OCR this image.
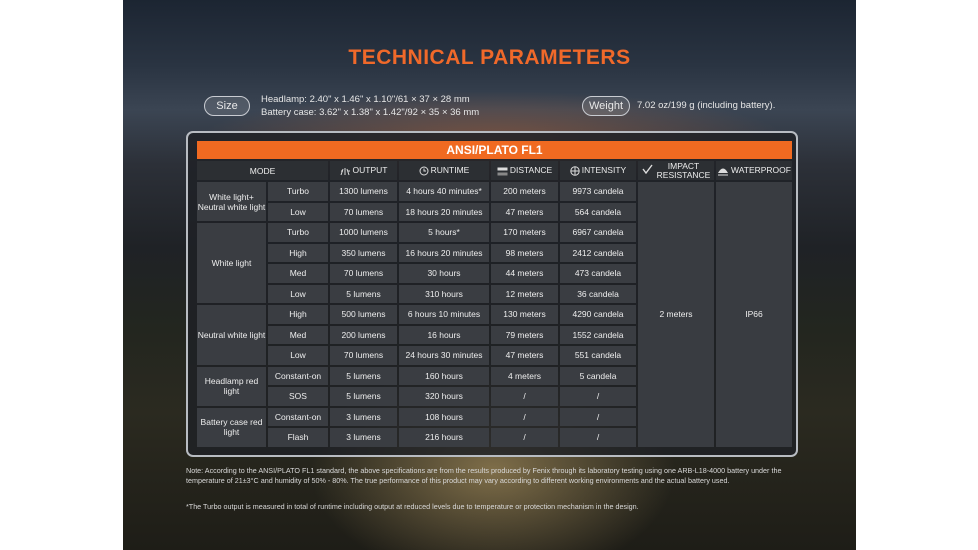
TECHNICAL PARAMETERS
Size
Headlamp: 2.40" x 1.46" x 1.10"/61 × 37 × 28 mm
Battery case: 3.62" x 1.38" x 1.42"/92 × 35 × 36 mm
Weight	7.02 oz/199 g (including battery).
ANSI/PLATO FL1							
MODE		OUTPUT	RUNTIME	DISTANCE	INTENSITY	IMPACT RESISTANCE	WATERPROOF
White light+ Neutral white light	Turbo	1300 lumens	4 hours 40 minutes*	200 meters	9973 candela	2 meters	IP66
	Low	70 lumens	18 hours 20 minutes	47 meters	564 candela		
White light	Turbo	1000 lumens	5 hours*	170 meters	6967 candela		
	High	350 lumens	16 hours 20 minutes	98 meters	2412 candela		
	Med	70 lumens	30 hours	44 meters	473 candela		
	Low	5 lumens	310 hours	12 meters	36 candela		
Neutral white light	High	500 lumens	6 hours 10 minutes	130 meters	4290 candela		
	Med	200 lumens	16 hours	79 meters	1552 candela		
	Low	70 lumens	24 hours 30 minutes	47 meters	551 candela		
Headlamp red light	Constant-on	5 lumens	160 hours	4 meters	5 candela		
	SOS	5 lumens	320 hours	/	/		
Battery case red light	Constant-on	3 lumens	108 hours	/	/		
	Flash	3 lumens	216 hours	/	/		
Note: According to the ANSI/PLATO FL1 standard, the above specifications are from the results produced by Fenix through its laboratory testing using one ARB-L18-4000 battery under the temperature of 21±3°C and humidity of 50% - 80%. The true performance of this product may vary according to different working environments and the actual battery used.
*The Turbo output is measured in total of runtime including output at reduced levels due to temperature or protection mechanism in the design.
